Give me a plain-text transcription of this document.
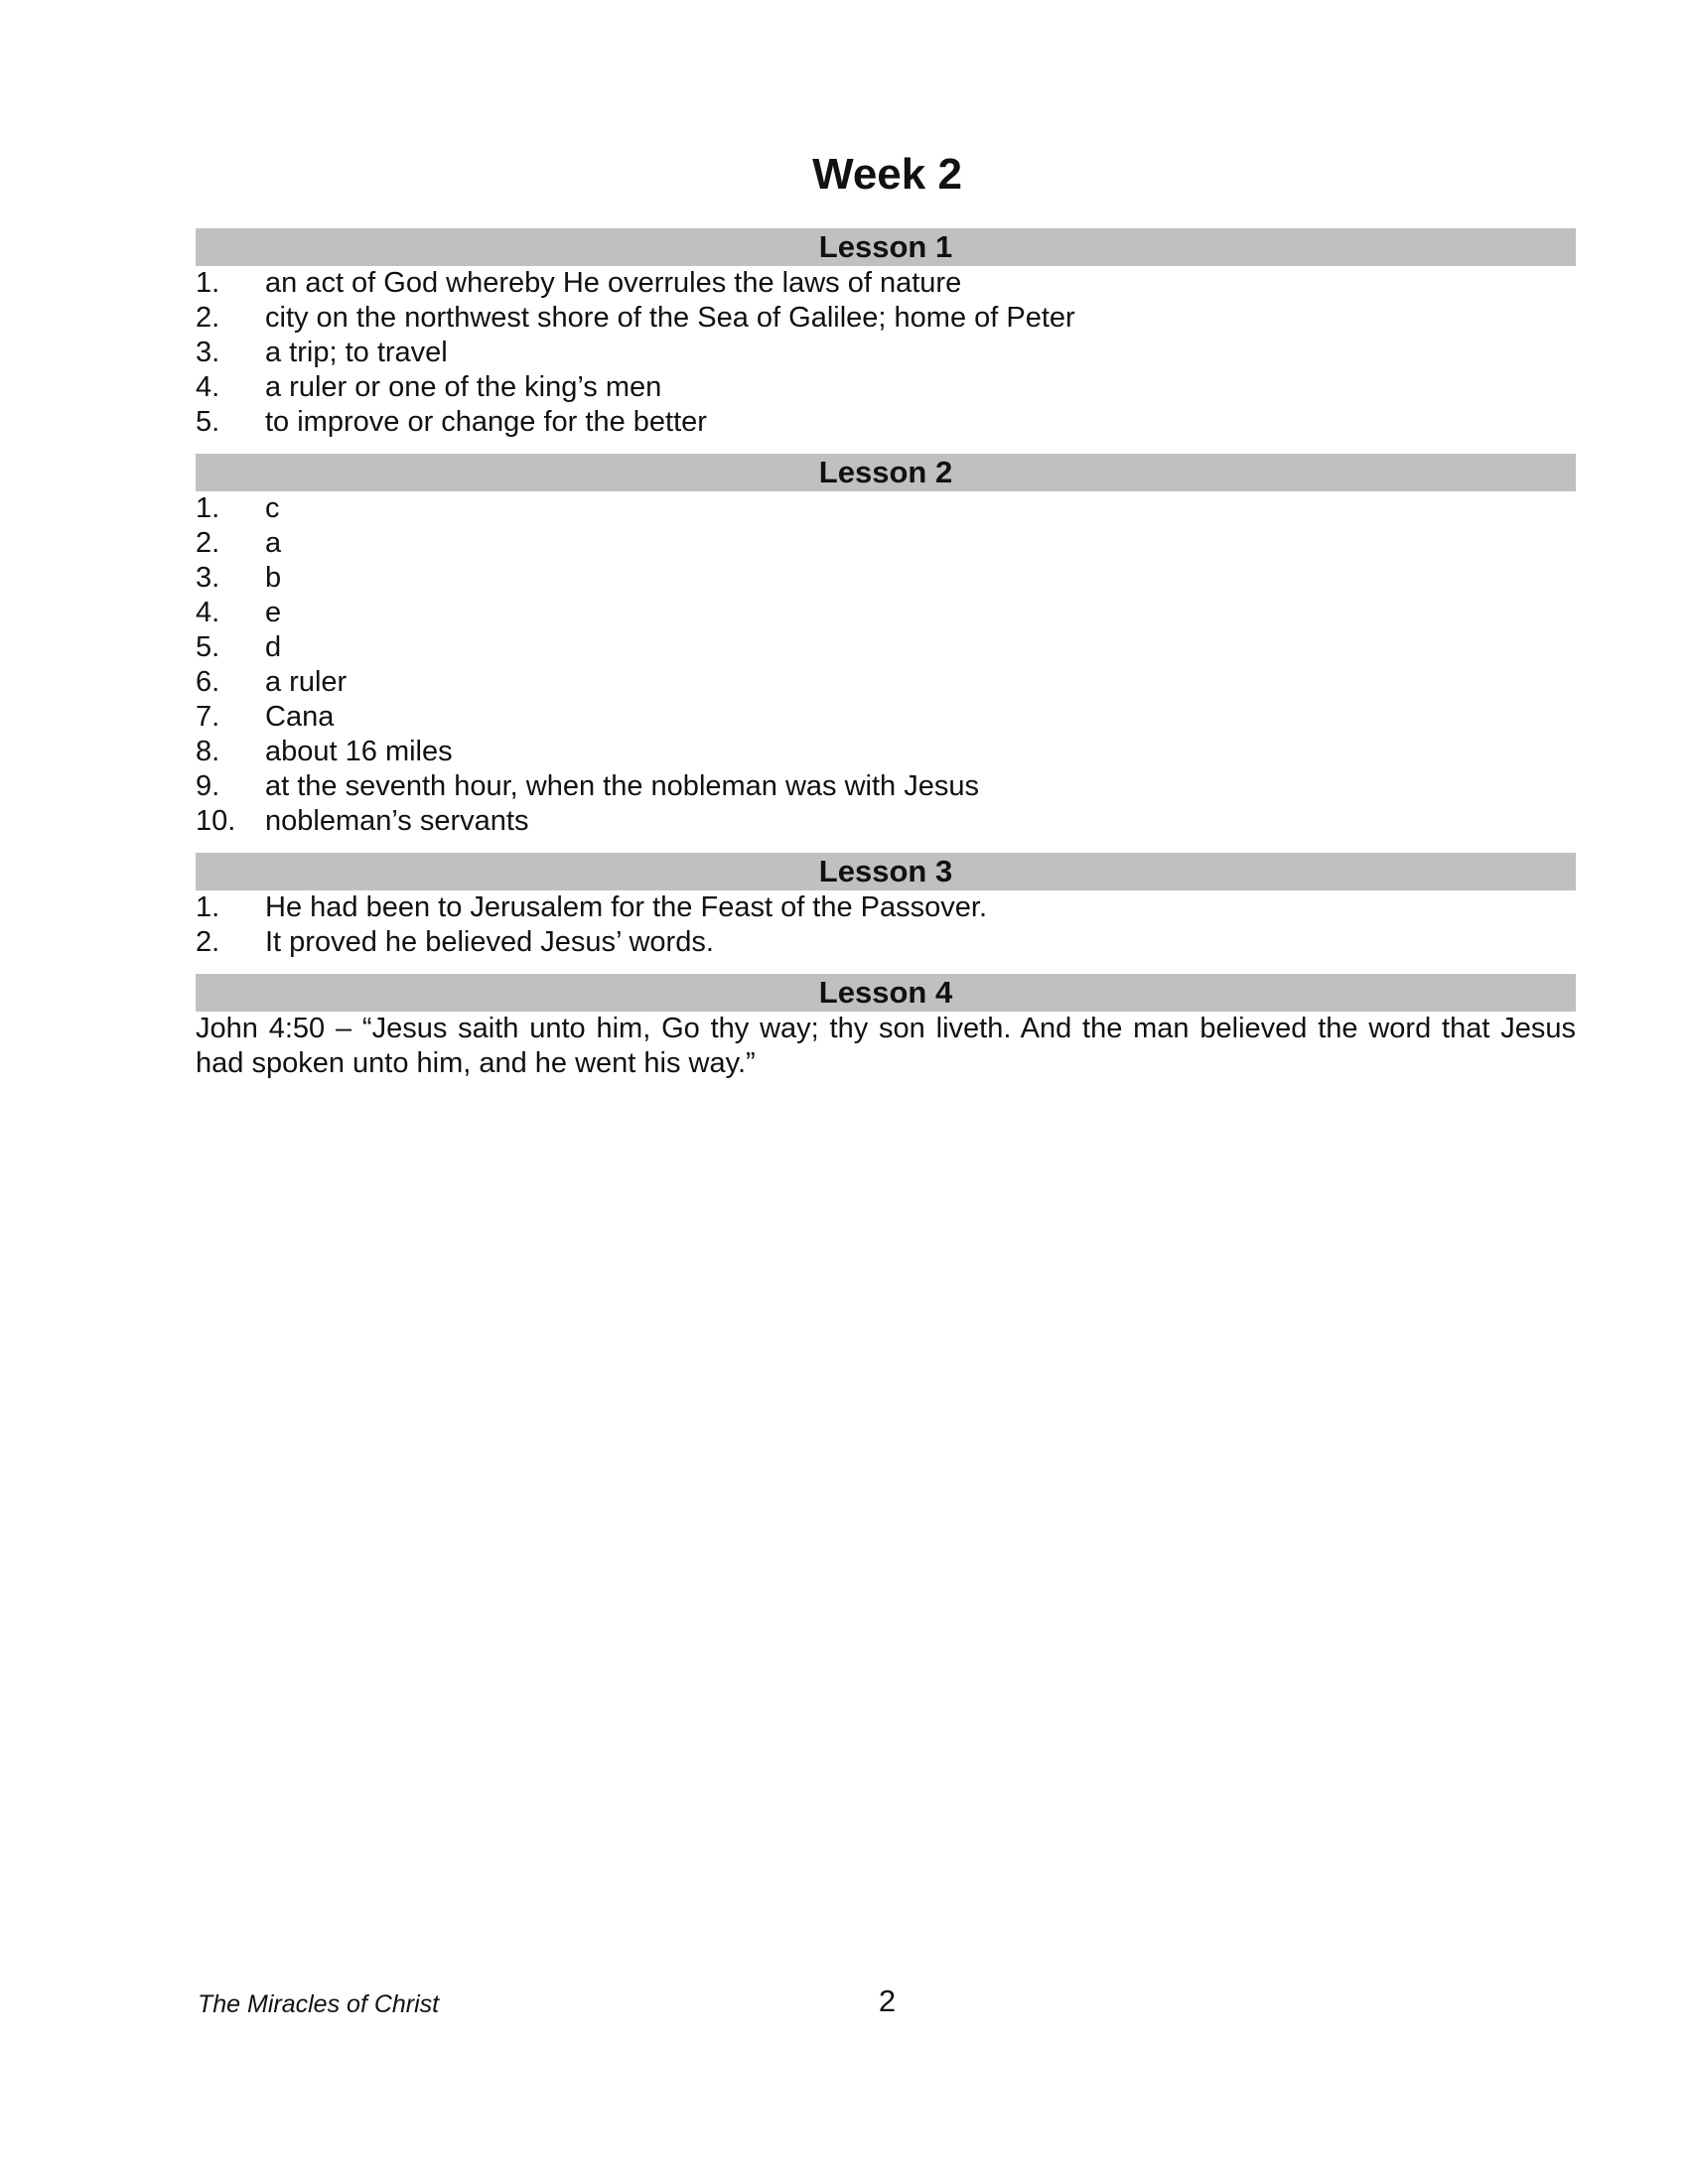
Week 2
Lesson 1
1.	an act of God whereby He overrules the laws of nature
2.	city on the northwest shore of the Sea of Galilee; home of Peter
3.	a trip; to travel
4.	a ruler or one of the king’s men
5.	to improve or change for the better
Lesson 2
1.	c
2.	a
3.	b
4.	e
5.	d
6.	a ruler
7.	Cana
8.	about 16 miles
9.	at the seventh hour, when the nobleman was with Jesus
10.	nobleman’s servants
Lesson 3
1.	He had been to Jerusalem for the Feast of the Passover.
2.	It proved he believed Jesus’ words.
Lesson 4
John 4:50 – “Jesus saith unto him, Go thy way; thy son liveth. And the man believed the word that Jesus had spoken unto him, and he went his way.”
The Miracles of Christ	2
